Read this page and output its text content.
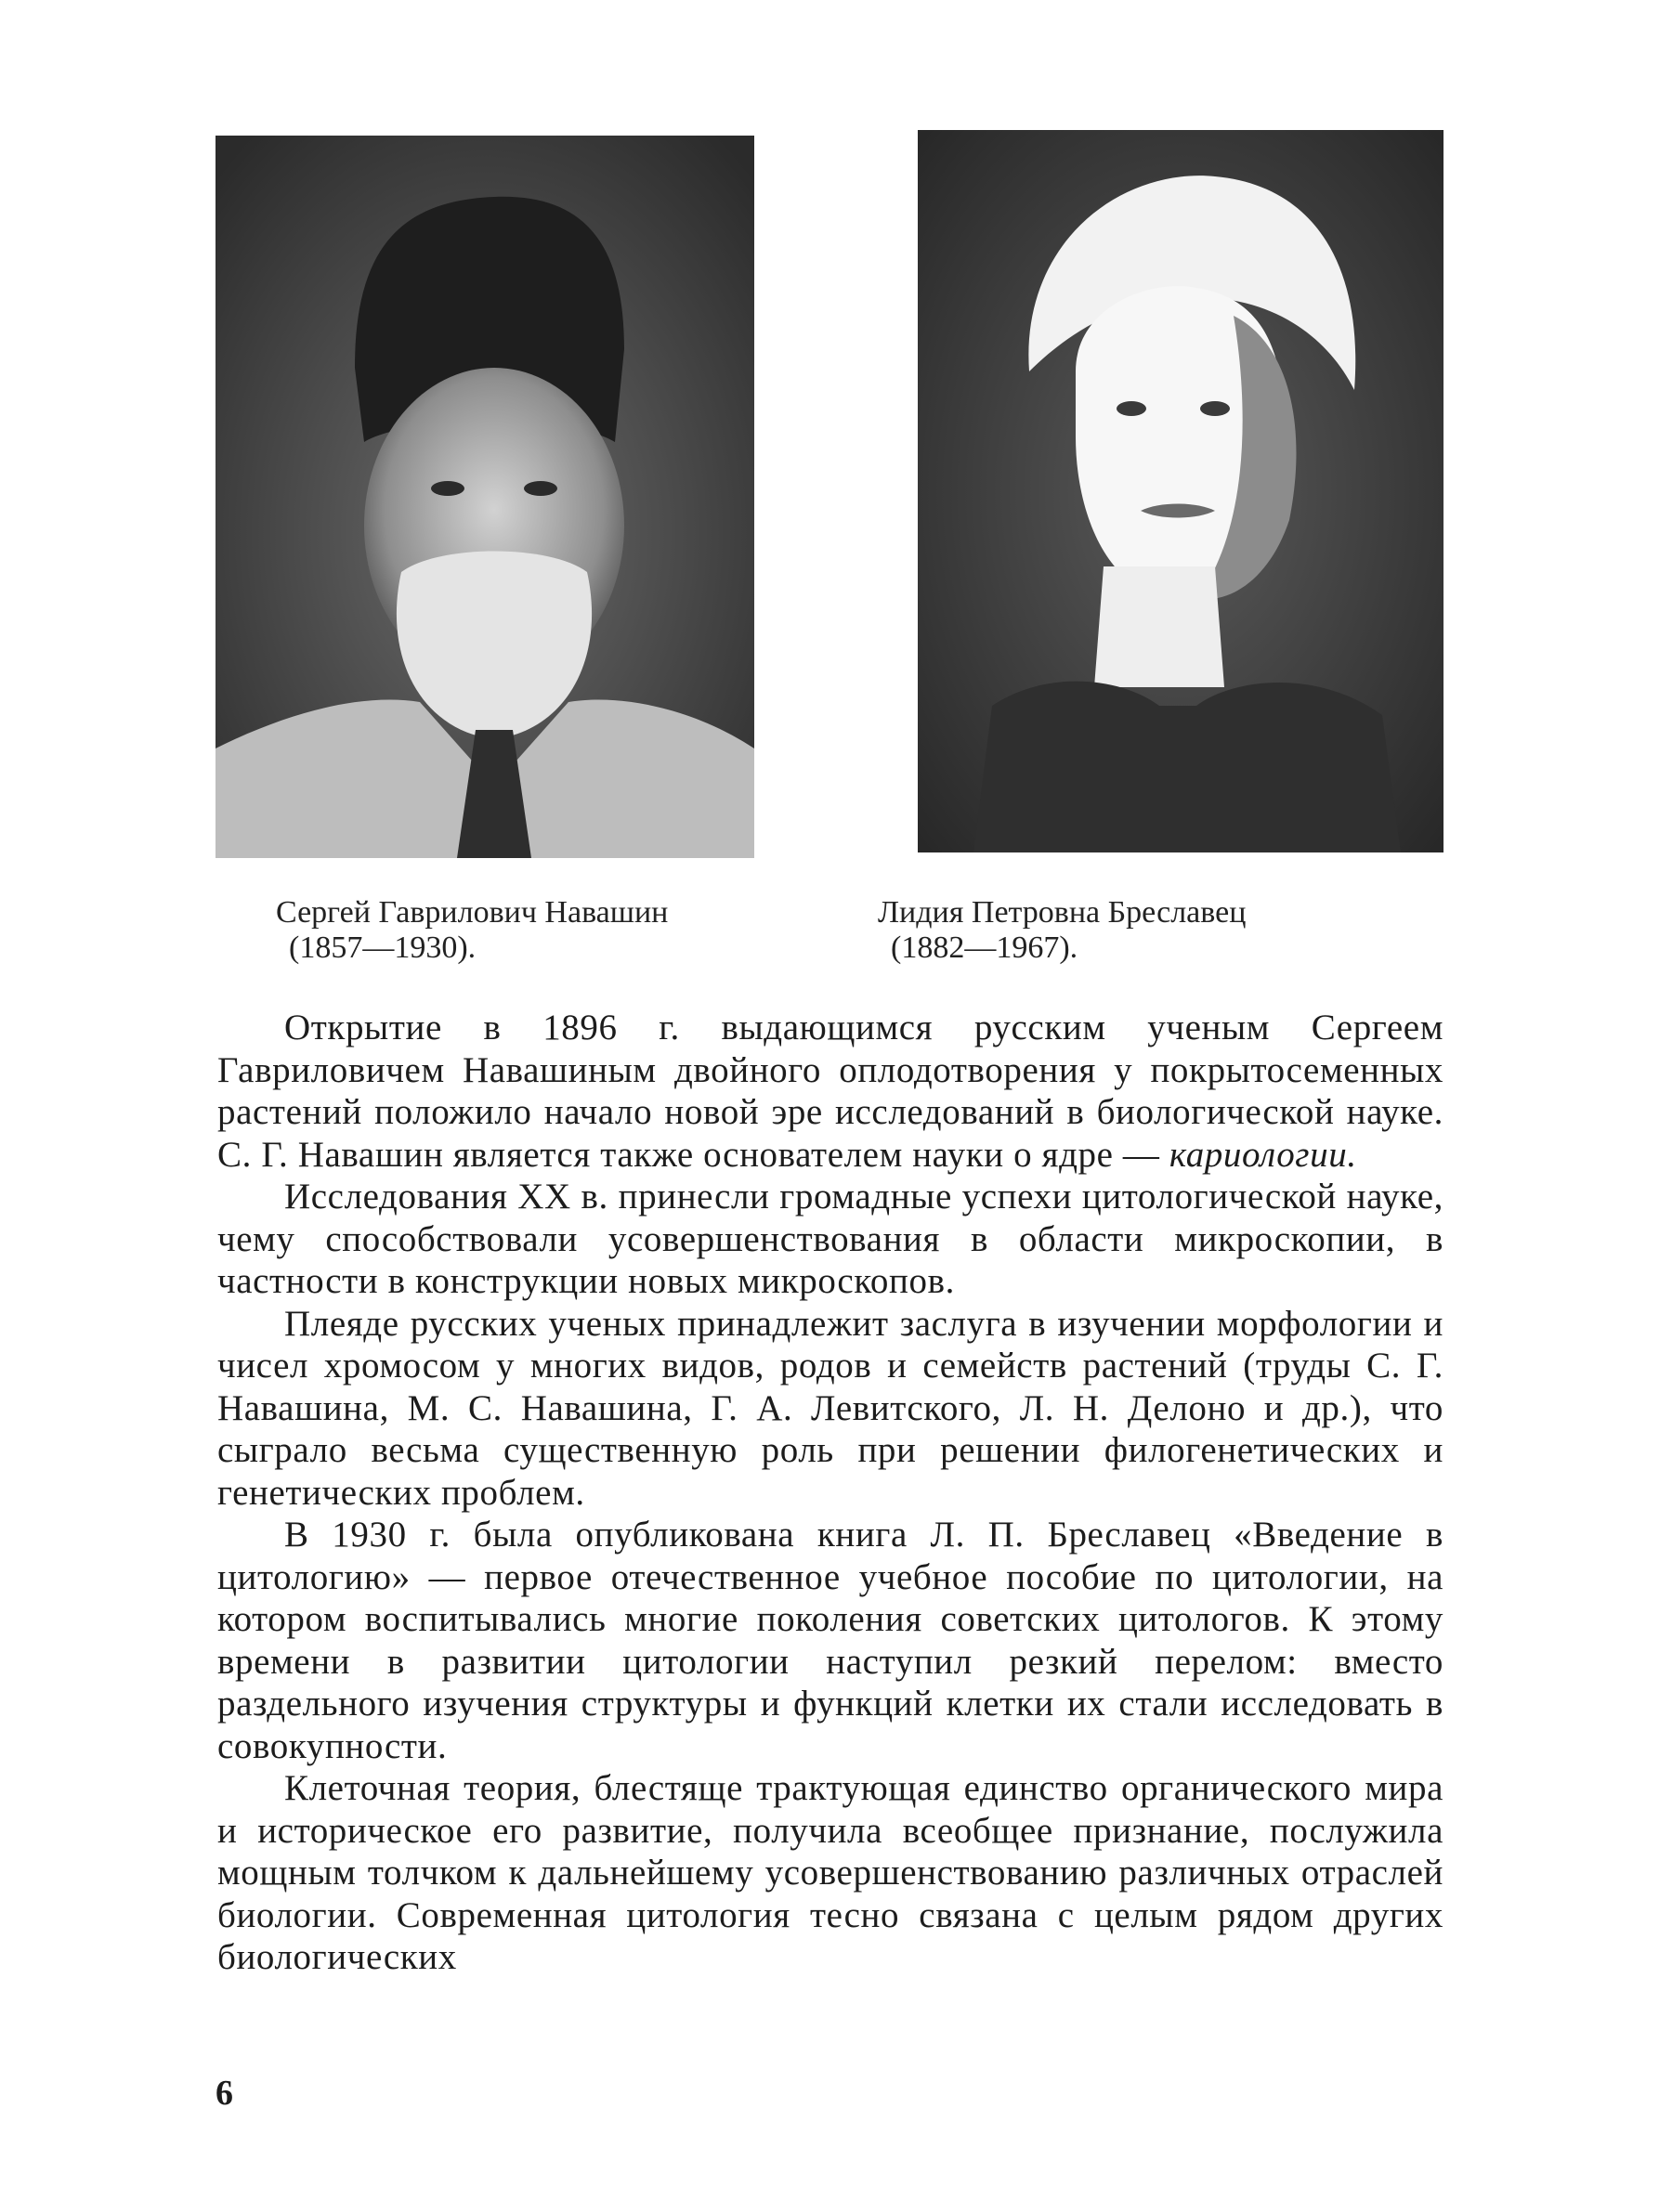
Сергей Гаврилович Навашин
(1857—1930).
Лидия Петровна Бреславец
(1882—1967).

Открытие в 1896 г. выдающимся русским ученым Сергеем Гавриловичем Навашиным двойного оплодотворения у покрытосеменных растений положило начало новой эре исследований в биологической науке. С. Г. Навашин является также основателем науки о ядре — кариологии.

Исследования XX в. принесли громадные успехи цитологической науке, чему способствовали усовершенствования в области микроскопии, в частности в конструкции новых микроскопов.

Плеяде русских ученых принадлежит заслуга в изучении морфологии и чисел хромосом у многих видов, родов и семейств растений (труды С. Г. Навашина, М. С. Навашина, Г. А. Левитского, Л. Н. Делоно и др.), что сыграло весьма существенную роль при решении филогенетических и генетических проблем.

В 1930 г. была опубликована книга Л. П. Бреславец «Введение в цитологию» — первое отечественное учебное пособие по цитологии, на котором воспитывались многие поколения советских цитологов. К этому времени в развитии цитологии наступил резкий перелом: вместо раздельного изучения структуры и функций клетки их стали исследовать в совокупности.

Клеточная теория, блестяще трактующая единство органического мира и историческое его развитие, получила всеобщее признание, послужила мощным толчком к дальнейшему усовершенствованию различных отраслей биологии. Современная цитология тесно связана с целым рядом других биологических

6
